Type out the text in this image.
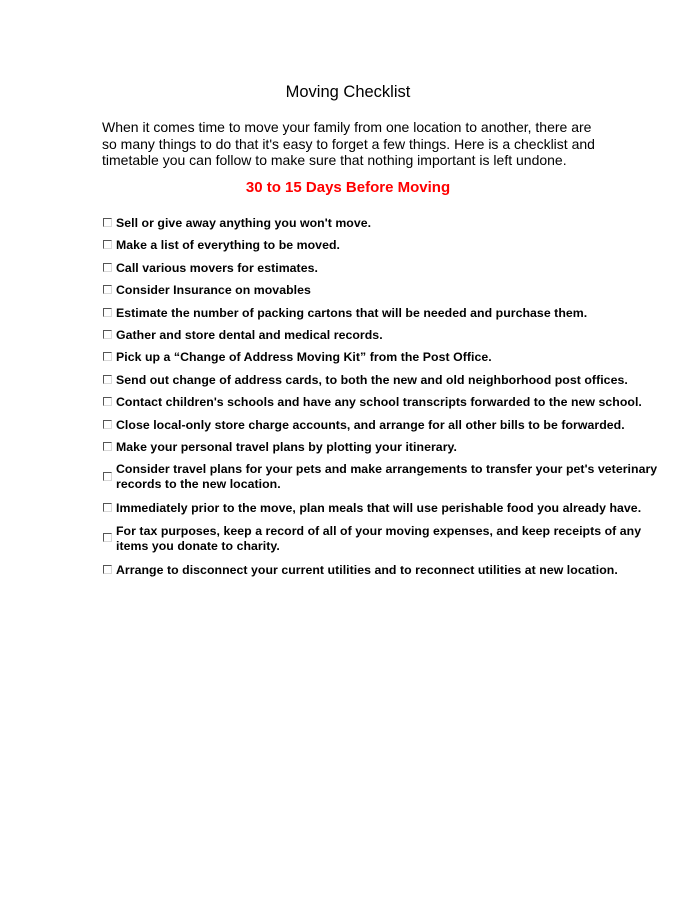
Moving Checklist

When it comes time to move your family from one location to another, there are so many things to do that it's easy to forget a few things. Here is a checklist and timetable you can follow to make sure that nothing important is left undone.

30 to 15 Days Before Moving
Sell or give away anything you won't move.
Make a list of everything to be moved.
Call various movers for estimates.
Consider Insurance on movables
Estimate the number of packing cartons that will be needed and purchase them.
Gather and store dental and medical records.
Pick up a “Change of Address Moving Kit” from the Post Office.
Send out change of address cards, to both the new and old neighborhood post offices.
Contact children's schools and have any school transcripts forwarded to the new school.
Close local-only store charge accounts, and arrange for all other bills to be forwarded.
Make your personal travel plans by plotting your itinerary.
Consider travel plans for your pets and make arrangements to transfer your pet's veterinary records to the new location.
Immediately prior to the move, plan meals that will use perishable food you already have.
For tax purposes, keep a record of all of your moving expenses, and keep receipts of any items you donate to charity.
Arrange to disconnect your current utilities and to reconnect utilities at new location.
